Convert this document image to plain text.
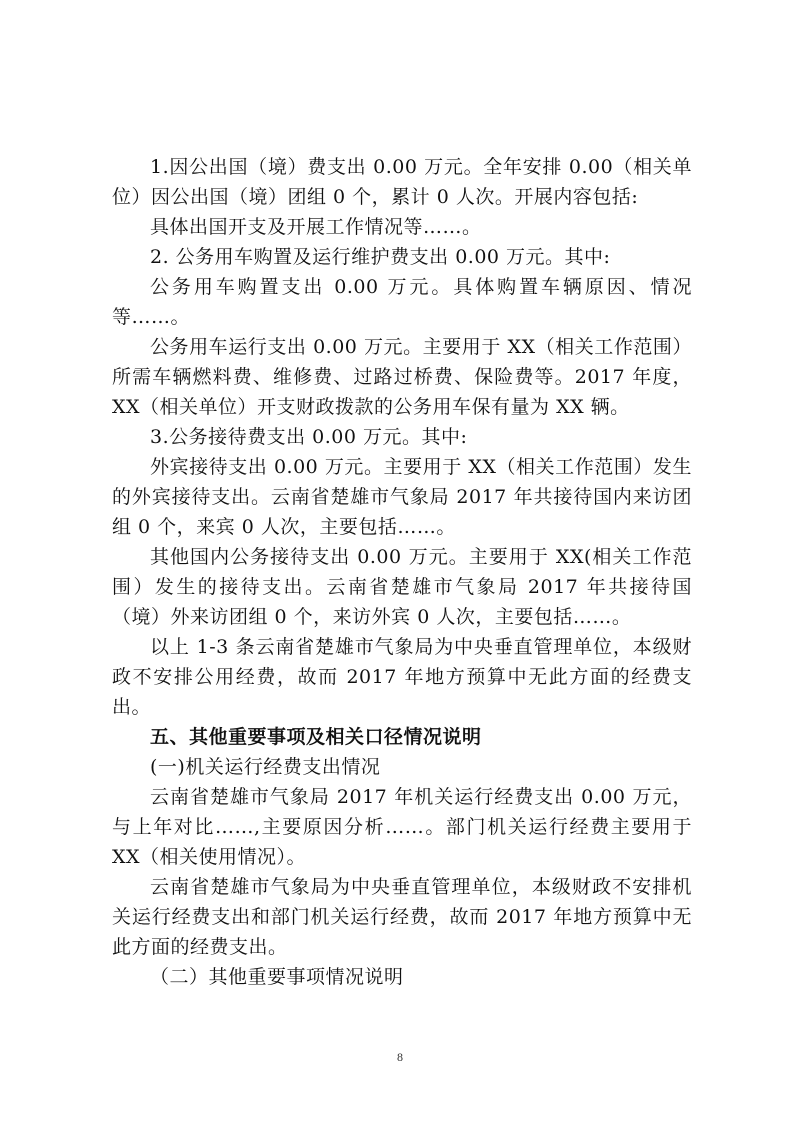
1.因公出国（境）费支出 0.00 万元。全年安排 0.00（相关单位）因公出国（境）团组 0 个，累计 0 人次。开展内容包括:

具体出国开支及开展工作情况等……。

2. 公务用车购置及运行维护费支出 0.00 万元。其中:

公务用车购置支出 0.00 万元。具体购置车辆原因、情况等……。

公务用车运行支出 0.00 万元。主要用于 XX（相关工作范围）所需车辆燃料费、维修费、过路过桥费、保险费等。2017 年度，XX（相关单位）开支财政拨款的公务用车保有量为 XX 辆。

3.公务接待费支出 0.00 万元。其中:

外宾接待支出 0.00 万元。主要用于 XX（相关工作范围）发生的外宾接待支出。云南省楚雄市气象局 2017 年共接待国内来访团组 0 个，来宾 0 人次，主要包括……。

其他国内公务接待支出 0.00 万元。主要用于 XX(相关工作范围）发生的接待支出。云南省楚雄市气象局 2017 年共接待国（境）外来访团组 0 个，来访外宾 0 人次，主要包括……。

以上 1-3 条云南省楚雄市气象局为中央垂直管理单位，本级财政不安排公用经费，故而 2017 年地方预算中无此方面的经费支出。

五、其他重要事项及相关口径情况说明

(一)机关运行经费支出情况

云南省楚雄市气象局 2017 年机关运行经费支出 0.00 万元，与上年对比……,主要原因分析……。部门机关运行经费主要用于 XX（相关使用情况）。

云南省楚雄市气象局为中央垂直管理单位，本级财政不安排机关运行经费支出和部门机关运行经费，故而 2017 年地方预算中无此方面的经费支出。

（二）其他重要事项情况说明

8
